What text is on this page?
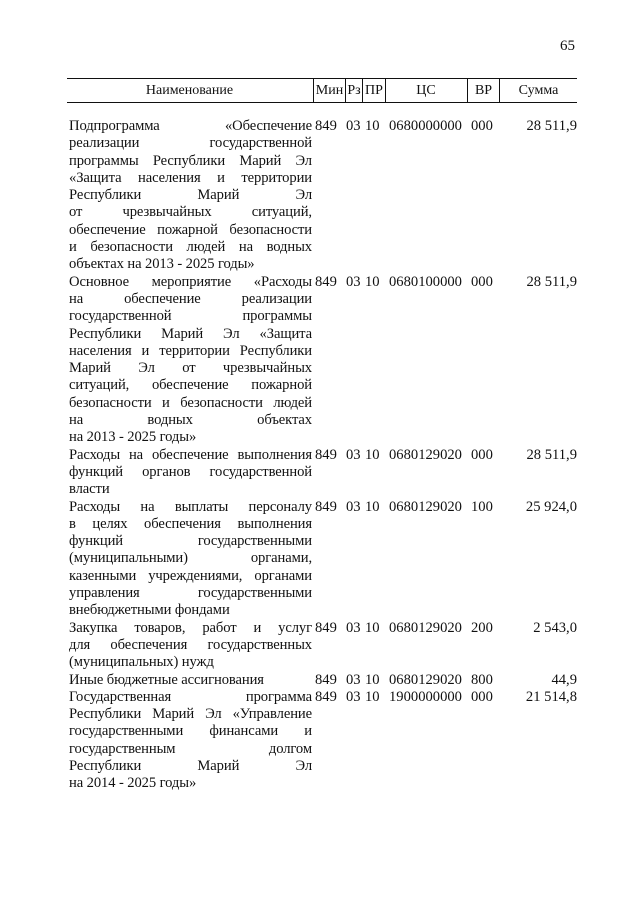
65
Наименование	Мин Рз ПР	ЦС	ВР	Сумма
Подпрограмма «Обеспечение
реализации государственной
программы Республики Марий Эл
«Защита населения и территории
Республики Марий Эл
от чрезвычайных ситуаций,
обеспечение пожарной безопасности
и безопасности людей на водных
объектах на 2013 - 2025 годы»
849 03 10 0680000000 000	28 511,9
Основное мероприятие «Расходы
на обеспечение реализации
государственной программы
Республики Марий Эл «Защита
населения и территории Республики
Марий Эл от чрезвычайных
ситуаций, обеспечение пожарной
безопасности и безопасности людей
на водных объектах
на 2013 - 2025 годы»
849 03 10 0680100000 000	28 511,9
Расходы на обеспечение выполнения
функций органов государственной
власти
849 03 10 0680129020 000	28 511,9
Расходы на выплаты персоналу
в целях обеспечения выполнения
функций государственными
(муниципальными) органами,
казенными учреждениями, органами
управления государственными
внебюджетными фондами
849 03 10 0680129020 100	25 924,0
Закупка товаров, работ и услуг
для обеспечения государственных
(муниципальных) нужд
849 03 10 0680129020 200	2 543,0
Иные бюджетные ассигнования	849 03 10 0680129020 800	44,9
Государственная программа
Республики Марий Эл «Управление
государственными финансами и
государственным долгом
Республики Марий Эл
на 2014 - 2025 годы»
849 03 10 1900000000 000	21 514,8
